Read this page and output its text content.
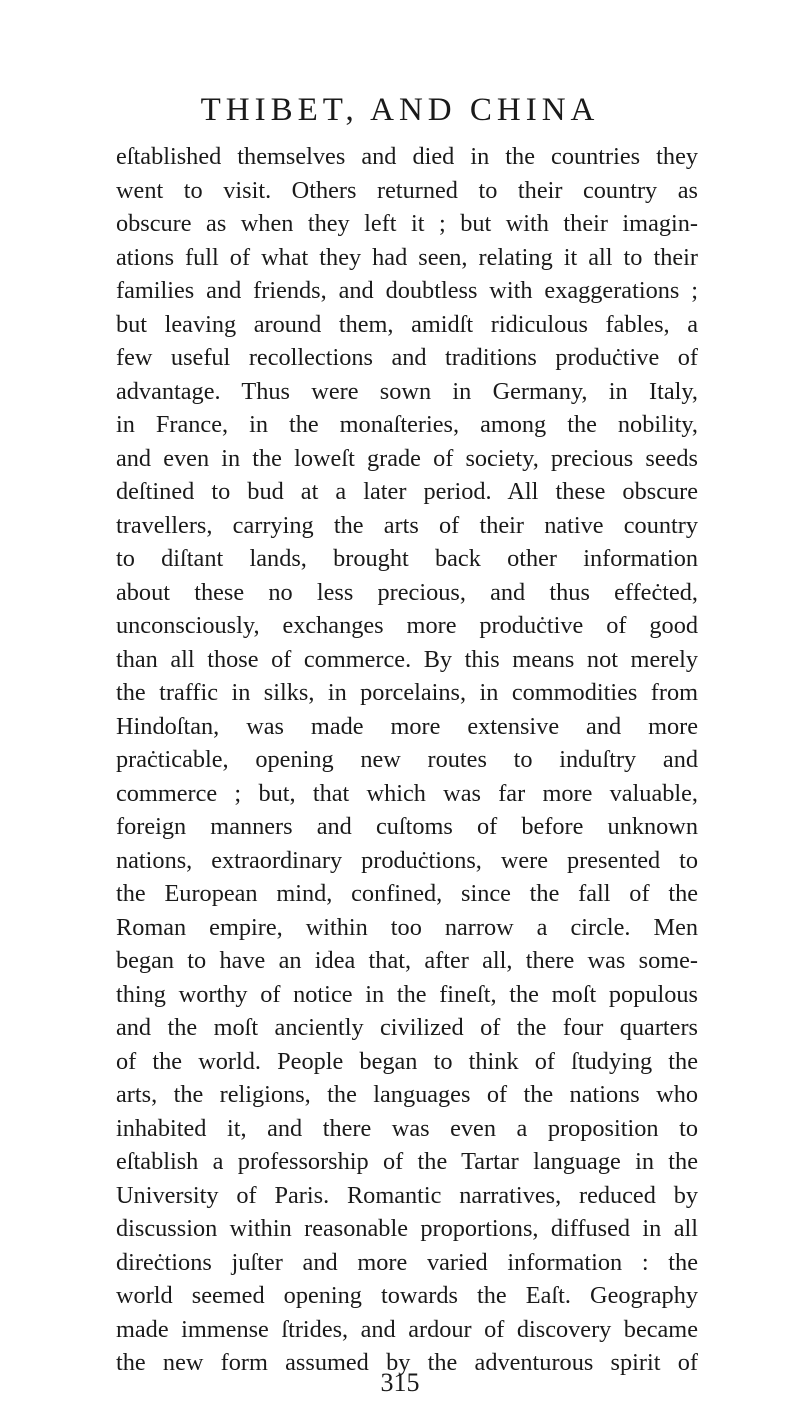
THIBET, AND CHINA
eſtablished themselves and died in the countries they
went to visit. Others returned to their country as
obscure as when they left it ; but with their imagin-
ations full of what they had seen, relating it all to their
families and friends, and doubtless with exaggerations ;
but leaving around them, amidſt ridiculous fables, a
few useful recollections and traditions produċtive of
advantage. Thus were sown in Germany, in Italy,
in France, in the monaſteries, among the nobility,
and even in the loweſt grade of society, precious seeds
deſtined to bud at a later period. All these obscure
travellers, carrying the arts of their native country
to diſtant lands, brought back other information
about these no less precious, and thus effeċted,
unconsciously, exchanges more produċtive of good
than all those of commerce. By this means not merely
the traffic in silks, in porcelains, in commodities from
Hindoſtan, was made more extensive and more
praċticable, opening new routes to induſtry and
commerce ; but, that which was far more valuable,
foreign manners and cuſtoms of before unknown
nations, extraordinary produċtions, were presented to
the European mind, confined, since the fall of the
Roman empire, within too narrow a circle. Men
began to have an idea that, after all, there was some-
thing worthy of notice in the fineſt, the moſt populous
and the moſt anciently civilized of the four quarters
of the world. People began to think of ſtudying the
arts, the religions, the languages of the nations who
inhabited it, and there was even a proposition to
eſtablish a professorship of the Tartar language in the
University of Paris. Romantic narratives, reduced by
discussion within reasonable proportions, diffused in all
direċtions juſter and more varied information : the
world seemed opening towards the Eaſt. Geography
made immense ſtrides, and ardour of discovery became
the new form assumed by the adventurous spirit of
315
